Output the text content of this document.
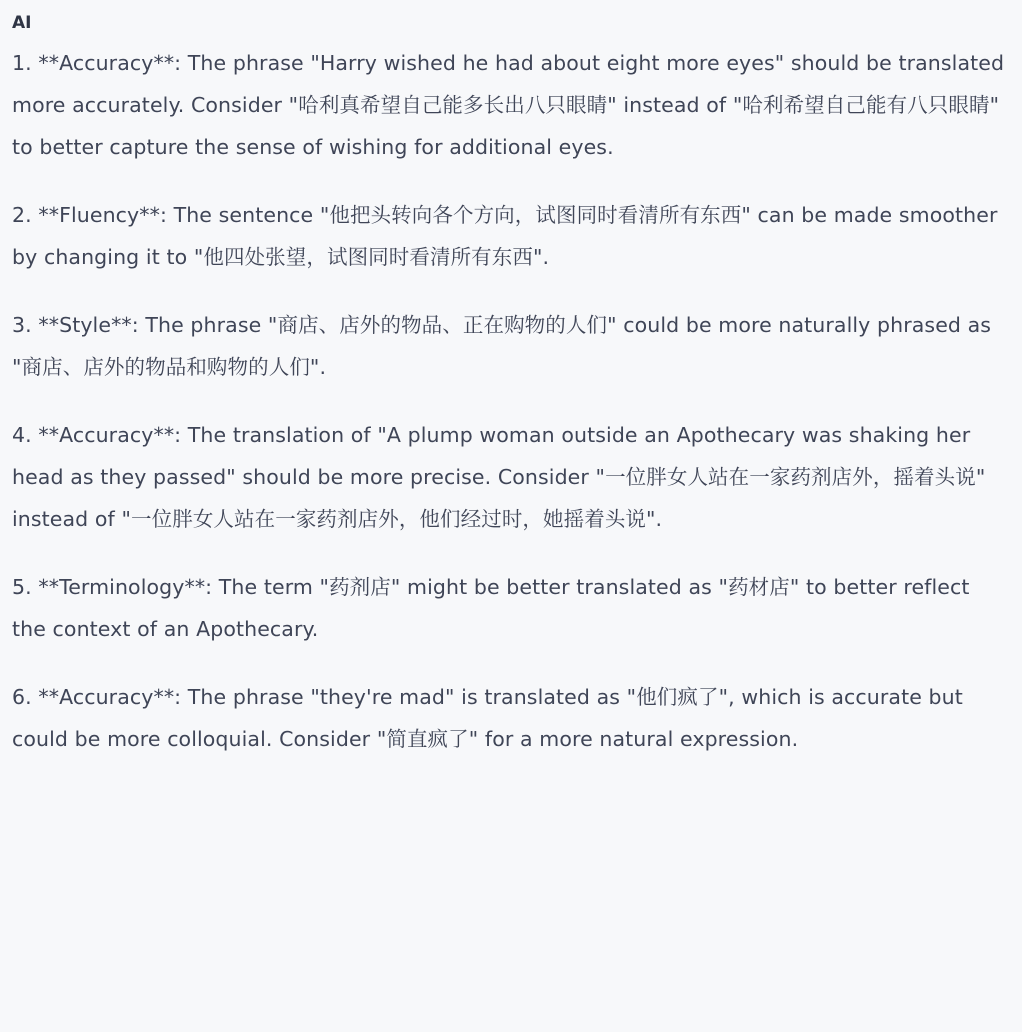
AI

1. **Accuracy**: The phrase "Harry wished he had about eight more eyes" should be translated more accurately. Consider "哈利真希望自己能多长出八只眼睛" instead of "哈利希望自己能有八只眼睛" to better capture the sense of wishing for additional eyes.

2. **Fluency**: The sentence "他把头转向各个方向，试图同时看清所有东西" can be made smoother by changing it to "他四处张望，试图同时看清所有东西".

3. **Style**: The phrase "商店、店外的物品、正在购物的人们" could be more naturally phrased as "商店、店外的物品和购物的人们".

4. **Accuracy**: The translation of "A plump woman outside an Apothecary was shaking her head as they passed" should be more precise. Consider "一位胖女人站在一家药剂店外，摇着头说" instead of "一位胖女人站在一家药剂店外，他们经过时，她摇着头说".

5. **Terminology**: The term "药剂店" might be better translated as "药材店" to better reflect the context of an Apothecary.

6. **Accuracy**: The phrase "they're mad" is translated as "他们疯了", which is accurate but could be more colloquial. Consider "简直疯了" for a more natural expression.
